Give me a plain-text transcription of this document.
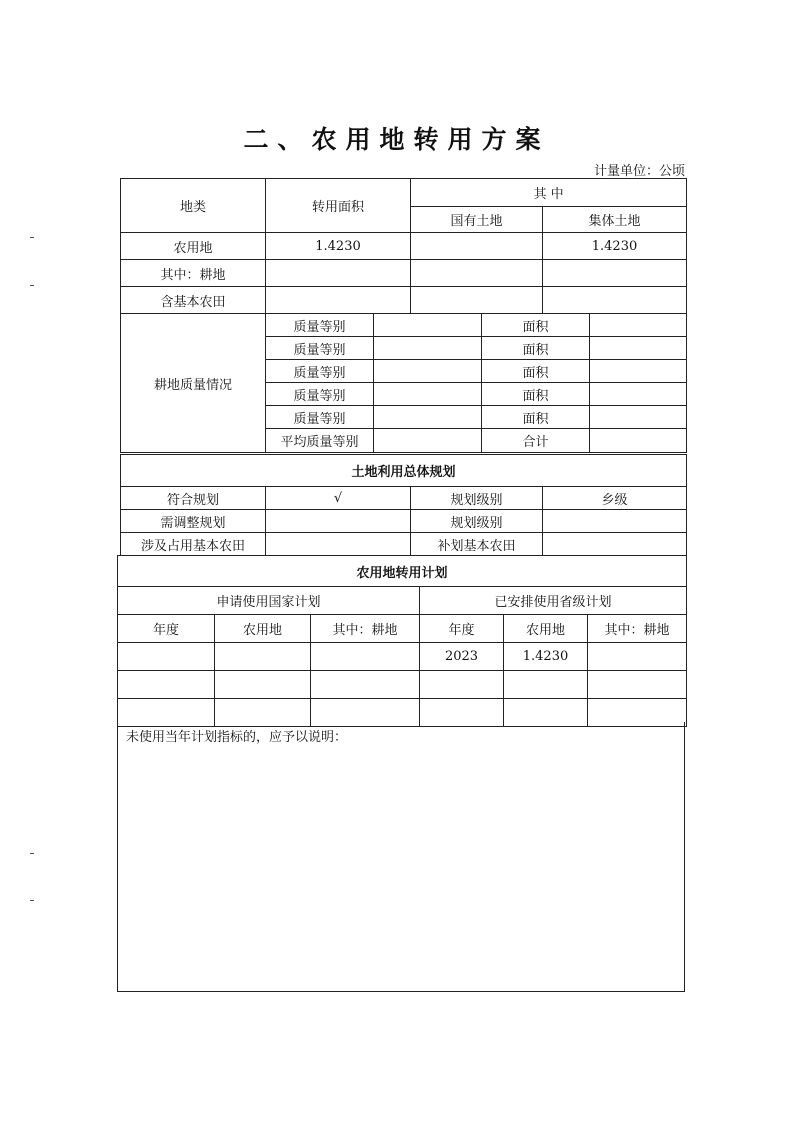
二、农用地转用方案
计量单位：公顷
地类	转用面积	其 中	
		国有土地	集体土地
农用地	1.4230		1.4230
其中：耕地			
含基本农田			
耕地质量情况	质量等别		面积	
	质量等别		面积	
	质量等别		面积	
	质量等别		面积	
	质量等别		面积	
	平均质量等别		合计	
土地利用总体规划			
符合规划	√	规划级别	乡级
需调整规划		规划级别	
涉及占用基本农田		补划基本农田	
农用地转用计划					
申请使用国家计划			已安排使用省级计划		
年度	农用地	其中：耕地	年度	农用地	其中：耕地
			2023	1.4230	

未使用当年计划指标的，应予以说明：
